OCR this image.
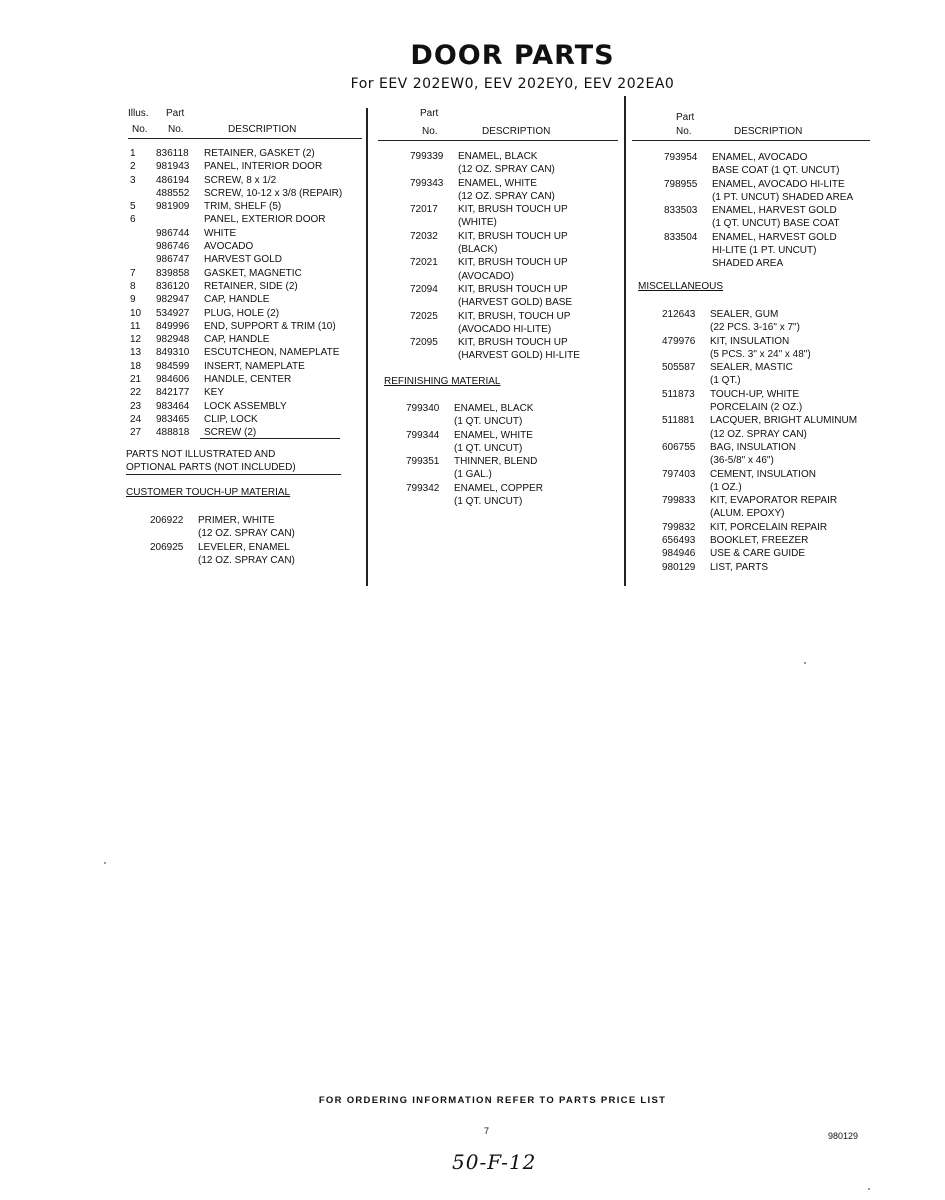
DOOR PARTS
For EEV 202EW0, EEV 202EY0, EEV 202EA0
Illus. Part
No. No.	DESCRIPTION
1 836118 RETAINER, GASKET (2)
2 981943 PANEL, INTERIOR DOOR
3 486194 SCREW, 8 x 1/2
488552 SCREW, 10-12 x 3/8 (REPAIR)
5 981909 TRIM, SHELF (5)
6	PANEL, EXTERIOR DOOR
986744 WHITE
986746 AVOCADO
986747 HARVEST GOLD
7 839858 GASKET, MAGNETIC
8 836120 RETAINER, SIDE (2)
9 982947 CAP, HANDLE
10 534927 PLUG, HOLE (2)
11 849996 END, SUPPORT & TRIM (10)
12 982948 CAP, HANDLE
13 849310 ESCUTCHEON, NAMEPLATE
18 984599 INSERT, NAMEPLATE
21 984606 HANDLE, CENTER
22 842177 KEY
23 983464 LOCK ASSEMBLY
24 983465 CLIP, LOCK
27 488818 SCREW (2)
PARTS NOT ILLUSTRATED AND
OPTIONAL PARTS (NOT INCLUDED)
CUSTOMER TOUCH-UP MATERIAL
206922 PRIMER, WHITE
(12 OZ. SPRAY CAN)
206925 LEVELER, ENAMEL
(12 OZ. SPRAY CAN)
Part
No.	DESCRIPTION
799339 ENAMEL, BLACK
(12 OZ. SPRAY CAN)
799343 ENAMEL, WHITE
(12 OZ. SPRAY CAN)
72017 KIT, BRUSH TOUCH UP
(WHITE)
72032 KIT, BRUSH TOUCH UP
(BLACK)
72021 KIT, BRUSH TOUCH UP
(AVOCADO)
72094 KIT, BRUSH TOUCH UP
(HARVEST GOLD) BASE
72025 KIT, BRUSH, TOUCH UP
(AVOCADO HI-LITE)
72095 KIT, BRUSH TOUCH UP
(HARVEST GOLD) HI-LITE
REFINISHING MATERIAL
799340 ENAMEL, BLACK
(1 QT. UNCUT)
799344 ENAMEL, WHITE
(1 QT. UNCUT)
799351 THINNER, BLEND
(1 GAL.)
799342 ENAMEL, COPPER
(1 QT. UNCUT)
Part
No.	DESCRIPTION
793954 ENAMEL, AVOCADO
BASE COAT (1 QT. UNCUT)
798955 ENAMEL, AVOCADO HI-LITE
(1 PT. UNCUT) SHADED AREA
833503 ENAMEL, HARVEST GOLD
(1 QT. UNCUT) BASE COAT
833504 ENAMEL, HARVEST GOLD
HI-LITE (1 PT. UNCUT)
SHADED AREA
MISCELLANEOUS
212643 SEALER, GUM
(22 PCS. 3-16" x 7")
479976 KIT, INSULATION
(5 PCS. 3" x 24" x 48")
505587 SEALER, MASTIC
(1 QT.)
511873 TOUCH-UP, WHITE
PORCELAIN (2 OZ.)
511881 LACQUER, BRIGHT ALUMINUM
(12 OZ. SPRAY CAN)
606755 BAG, INSULATION
(36-5/8" x 46")
797403 CEMENT, INSULATION
(1 OZ.)
799833 KIT, EVAPORATOR REPAIR
(ALUM. EPOXY)
799832 KIT, PORCELAIN REPAIR
656493 BOOKLET, FREEZER
984946 USE & CARE GUIDE
980129 LIST, PARTS
FOR ORDERING INFORMATION REFER TO PARTS PRICE LIST
7	980129
50-F-12
